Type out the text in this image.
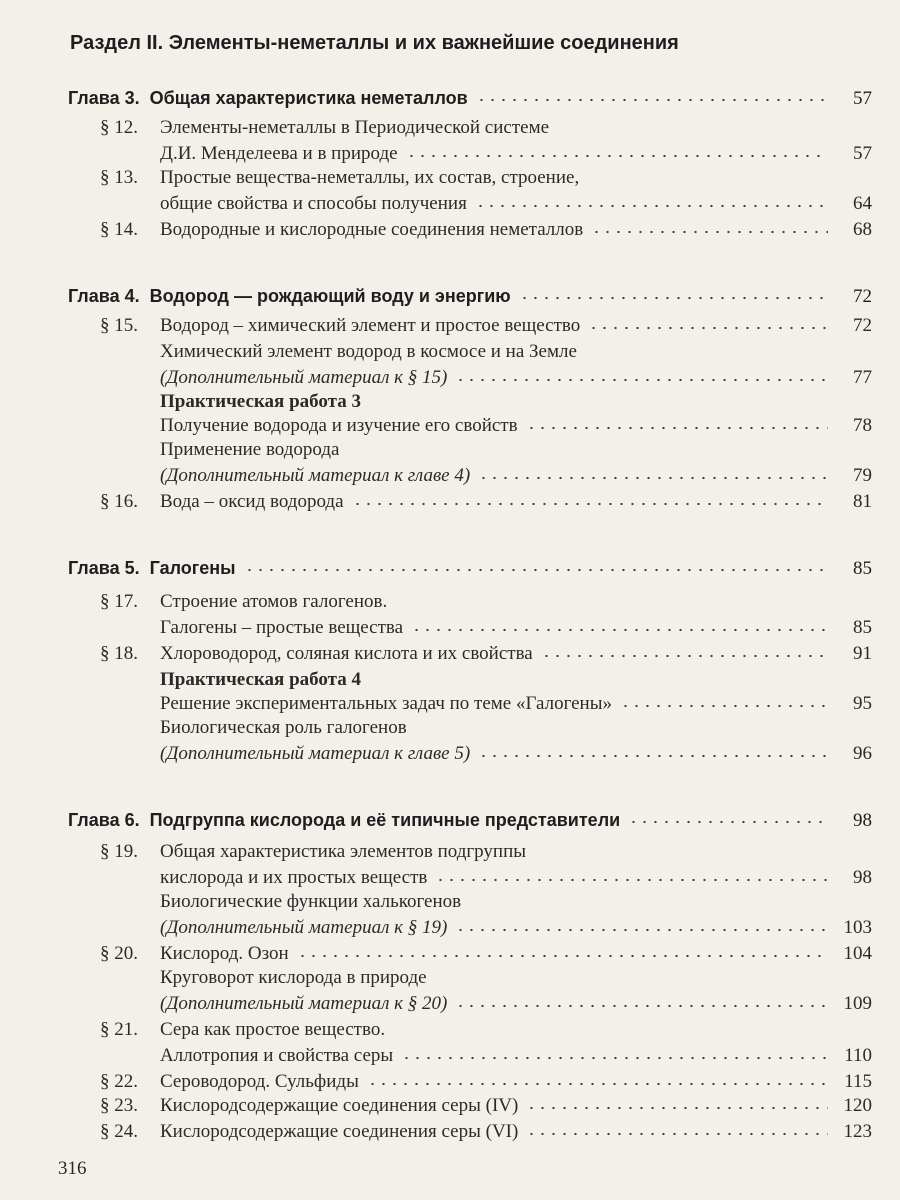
Раздел II. Элементы-неметаллы и их важнейшие соединения
Глава 3. Общая характеристика неметаллов	57
§ 12.	Элементы-неметаллы в Периодической системе
Д.И. Менделеева и в природе	57
§ 13.	Простые вещества-неметаллы, их состав, строение,
общие свойства и способы получения	64
§ 14.	Водородные и кислородные соединения неметаллов	68
Глава 4. Водород — рождающий воду и энергию	72
§ 15.	Водород – химический элемент и простое вещество	72
Химический элемент водород в космосе и на Земле
(Дополнительный материал к § 15)	77
Практическая работа 3
Получение водорода и изучение его свойств	78
Применение водорода
(Дополнительный материал к главе 4)	79
§ 16.	Вода – оксид водорода	81
Глава 5. Галогены	85
§ 17.	Строение атомов галогенов.
Галогены – простые вещества	85
§ 18.	Хлороводород, соляная кислота и их свойства	91
Практическая работа 4
Решение экспериментальных задач по теме «Галогены»	95
Биологическая роль галогенов
(Дополнительный материал к главе 5)	96
Глава 6. Подгруппа кислорода и её типичные представители	98
§ 19.	Общая характеристика элементов подгруппы
кислорода и их простых веществ	98
Биологические функции халькогенов
(Дополнительный материал к § 19)	103
§ 20.	Кислород. Озон	104
Круговорот кислорода в природе
(Дополнительный материал к § 20)	109
§ 21.	Сера как простое вещество.
Аллотропия и свойства серы	110
§ 22.	Сероводород. Сульфиды	115
§ 23.	Кислородсодержащие соединения серы (IV)	120
§ 24.	Кислородсодержащие соединения серы (VI)	123
316
